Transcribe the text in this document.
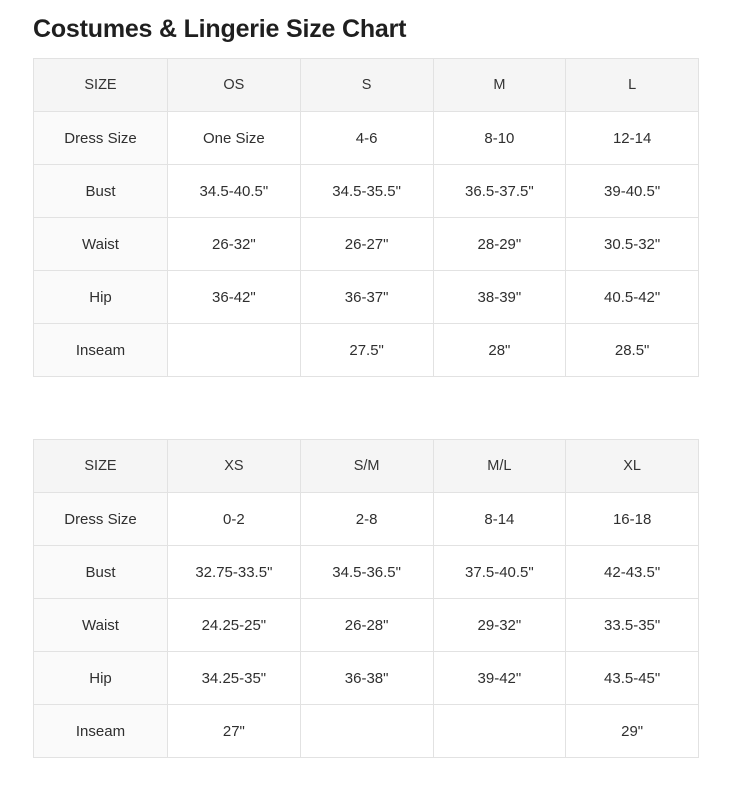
Costumes & Lingerie Size Chart
SIZE	OS	S	M	L
Dress Size	One Size	4-6	8-10	12-14
Bust	34.5-40.5"	34.5-35.5"	36.5-37.5"	39-40.5"
Waist	26-32"	26-27"	28-29"	30.5-32"
Hip	36-42"	36-37"	38-39"	40.5-42"
Inseam		27.5"	28"	28.5"
SIZE	XS	S/M	M/L	XL
Dress Size	0-2	2-8	8-14	16-18
Bust	32.75-33.5"	34.5-36.5"	37.5-40.5"	42-43.5"
Waist	24.25-25"	26-28"	29-32"	33.5-35"
Hip	34.25-35"	36-38"	39-42"	43.5-45"
Inseam	27"			29"
